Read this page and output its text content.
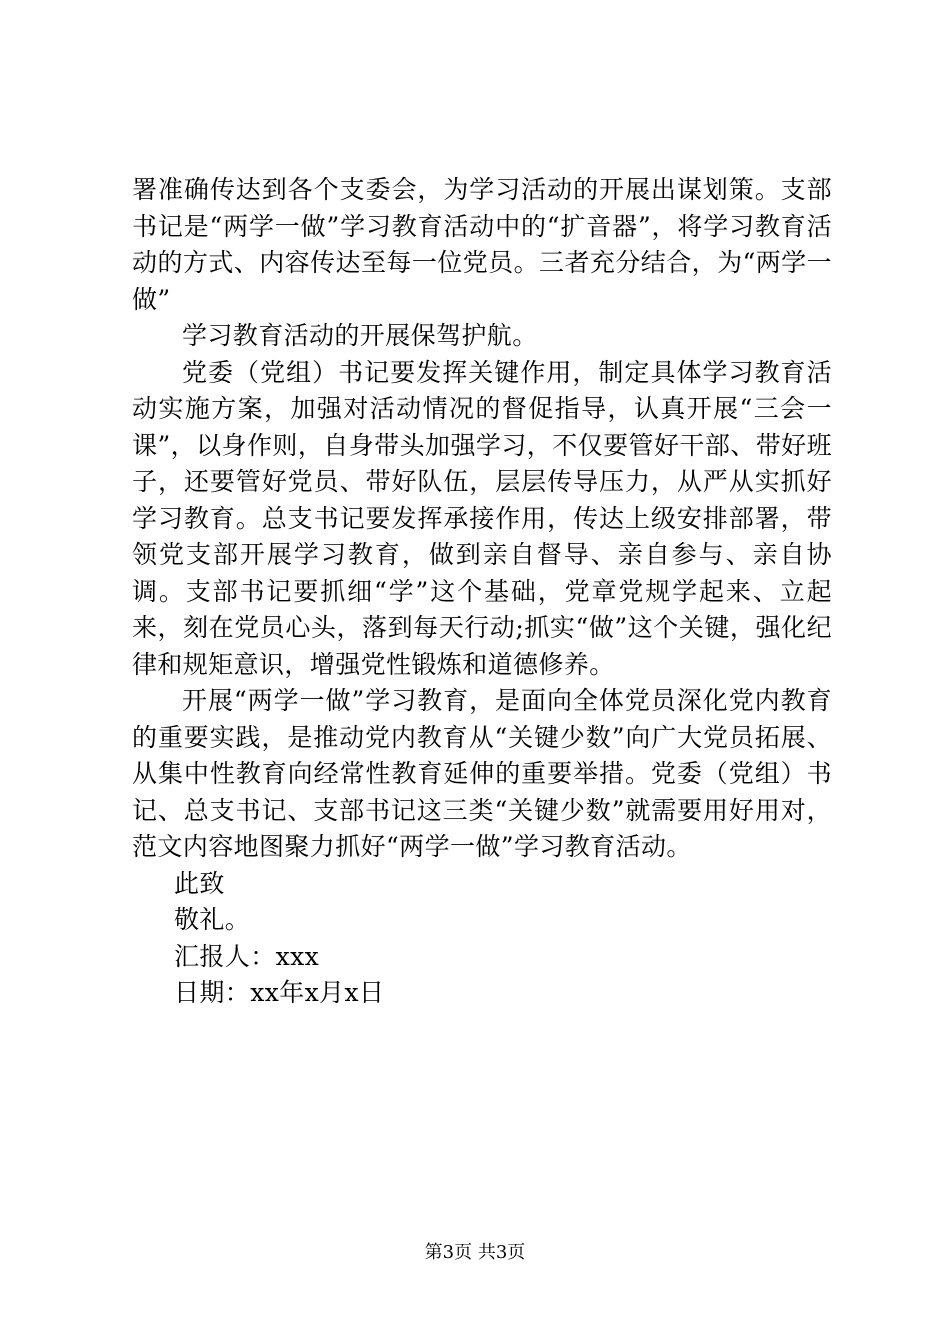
署准确传达到各个支委会，为学习活动的开展出谋划策。支部书记是“两学一做”学习教育活动中的“扩音器”，将学习教育活动的方式、内容传达至每一位党员。三者充分结合，为“两学一做”

学习教育活动的开展保驾护航。

党委（党组）书记要发挥关键作用，制定具体学习教育活动实施方案，加强对活动情况的督促指导，认真开展“三会一课”，以身作则，自身带头加强学习，不仅要管好干部、带好班子，还要管好党员、带好队伍，层层传导压力，从严从实抓好学习教育。总支书记要发挥承接作用，传达上级安排部署，带领党支部开展学习教育，做到亲自督导、亲自参与、亲自协调。支部书记要抓细“学”这个基础，党章党规学起来、立起来，刻在党员心头，落到每天行动;抓实“做”这个关键，强化纪律和规矩意识，增强党性锻炼和道德修养。

开展“两学一做”学习教育，是面向全体党员深化党内教育的重要实践，是推动党内教育从“关键少数”向广大党员拓展、从集中性教育向经常性教育延伸的重要举措。党委（党组）书记、总支书记、支部书记这三类“关键少数”就需要用好用对，范文内容地图聚力抓好“两学一做”学习教育活动。

此致

敬礼。

汇报人：xxx

日期：xx年x月x日

第3页 共3页
